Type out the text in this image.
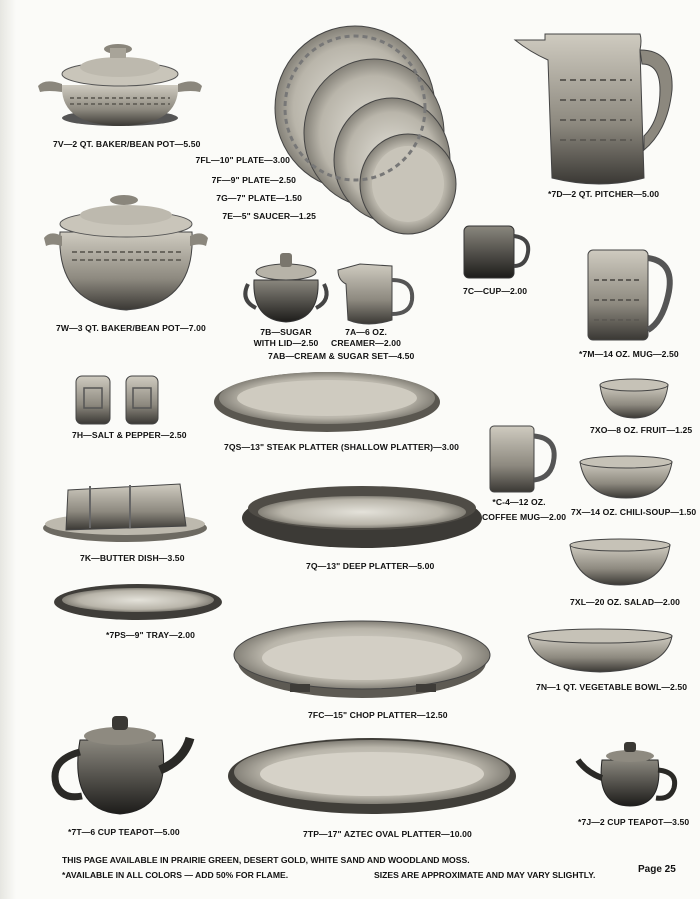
7V—2 QT. BAKER/BEAN POT—5.50
7FL—10" PLATE—3.00
7F—9" PLATE—2.50
7G—7" PLATE—1.50
7E—5" SAUCER—1.25
*7D—2 QT. PITCHER—5.00
7W—3 QT. BAKER/BEAN POT—7.00	7B—SUGAR
WITH LID—2.50
7A—6 OZ.
CREAMER—2.00
7AB—CREAM & SUGAR SET—4.50
7C—CUP—2.00
*7M—14 OZ. MUG—2.50
7H—SALT & PEPPER—2.50
7QS—13" STEAK PLATTER (SHALLOW PLATTER)—3.00
7XO—8 OZ. FRUIT—1.25
*C-4—12 OZ.
COFFEE MUG—2.00 7X—14 OZ. CHILI-SOUP—1.50
7K—BUTTER DISH—3.50
7Q—13" DEEP PLATTER—5.00
7XL—20 OZ. SALAD—2.00
*7PS—9" TRAY—2.00
7N—1 QT. VEGETABLE BOWL—2.50
7FC—15" CHOP PLATTER—12.50
*7T—6 CUP TEAPOT—5.00	7TP—17" AZTEC OVAL PLATTER—10.00
*7J—2 CUP TEAPOT—3.50
THIS PAGE AVAILABLE IN PRAIRIE GREEN, DESERT GOLD, WHITE SAND AND WOODLAND MOSS.
*AVAILABLE IN ALL COLORS — ADD 50% FOR FLAME.	SIZES ARE APPROXIMATE AND MAY VARY SLIGHTLY.	Page 25
